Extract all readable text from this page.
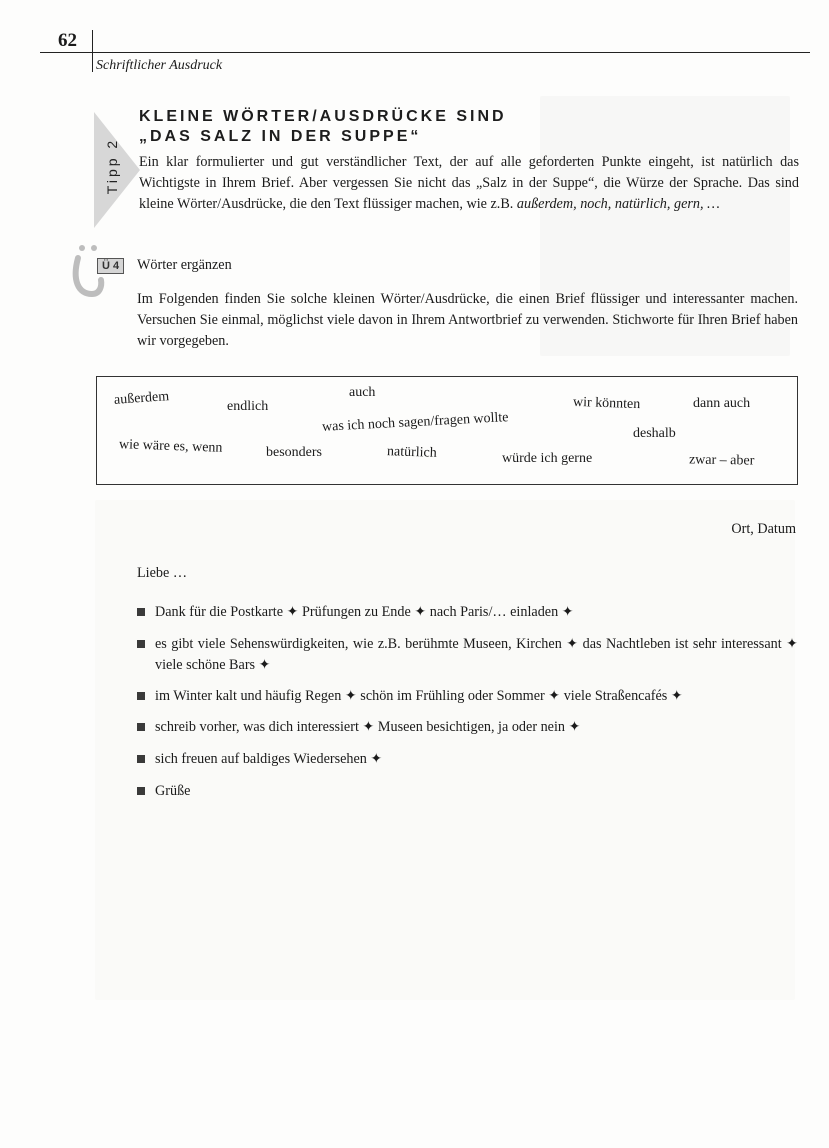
62
Schriftlicher Ausdruck
Tipp 2
KLEINE WÖRTER/AUSDRÜCKE SIND
„DAS SALZ IN DER SUPPE“
Ein klar formulierter und gut verständlicher Text, der auf alle geforderten Punkte eingeht, ist natürlich das Wichtigste in Ihrem Brief. Aber vergessen Sie nicht das „Salz in der Suppe“, die Würze der Sprache. Das sind kleine Wörter/Ausdrücke, die den Text flüssiger machen, wie z.B. außerdem, noch, natürlich, gern, …
Ü 4	Wörter ergänzen
Im Folgenden finden Sie solche kleinen Wörter/Ausdrücke, die einen Brief flüssiger und interessanter machen. Versuchen Sie einmal, möglichst viele davon in Ihrem Antwortbrief zu verwenden. Stichworte für Ihren Brief haben wir vorgegeben.
außerdem	endlich
auch
wir könnten	dann auch
was ich noch sagen/fragen wollte	deshalb
wie wäre es, wenn	besonders	natürlich	würde ich gerne	zwar – aber
Ort, Datum
Liebe …
Dank für die Postkarte ✦ Prüfungen zu Ende ✦ nach Paris/… einladen ✦
es gibt viele Sehenswürdigkeiten, wie z.B. berühmte Museen, Kirchen ✦ das Nachtleben ist sehr interessant ✦ viele schöne Bars ✦
im Winter kalt und häufig Regen ✦ schön im Frühling oder Sommer ✦ viele Straßencafés ✦
schreib vorher, was dich interessiert ✦ Museen besichtigen, ja oder nein ✦
sich freuen auf baldiges Wiedersehen ✦
Grüße
